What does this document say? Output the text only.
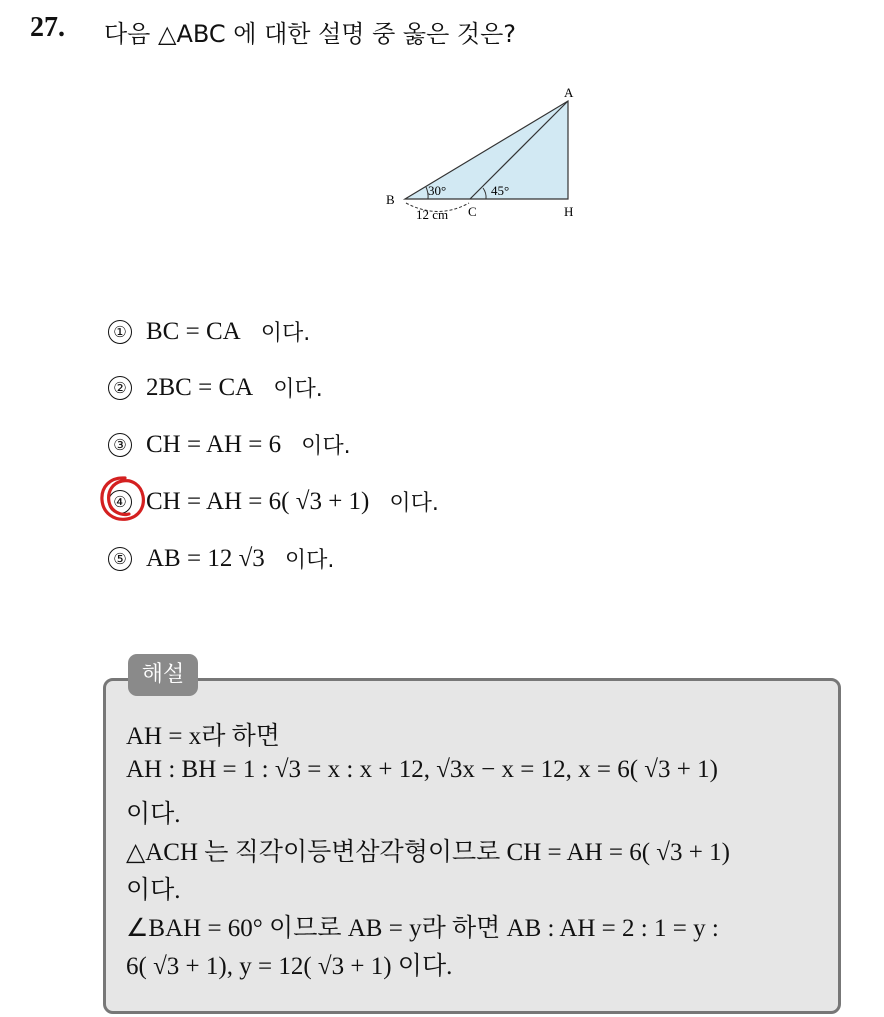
27. 다음 △ABC 에 대한 설명 중 옳은 것은?
A
B
C	H
30°	45°
12 cm
① BC = CA 이다.
② 2BC = CA 이다.
③ CH = AH = 6 이다.
④ CH = AH = 6( √3 + 1) 이다.
⑤ AB = 12 √3 이다.
해설
AH = x라 하면
AH : BH = 1 : √3 = x : x + 12, √3x − x = 12, x = 6( √3 + 1)
이다.
△ACH 는 직각이등변삼각형이므로 CH = AH = 6( √3 + 1)
이다.
∠BAH = 60° 이므로 AB = y라 하면 AB : AH = 2 : 1 = y :
6( √3 + 1), y = 12( √3 + 1) 이다.
